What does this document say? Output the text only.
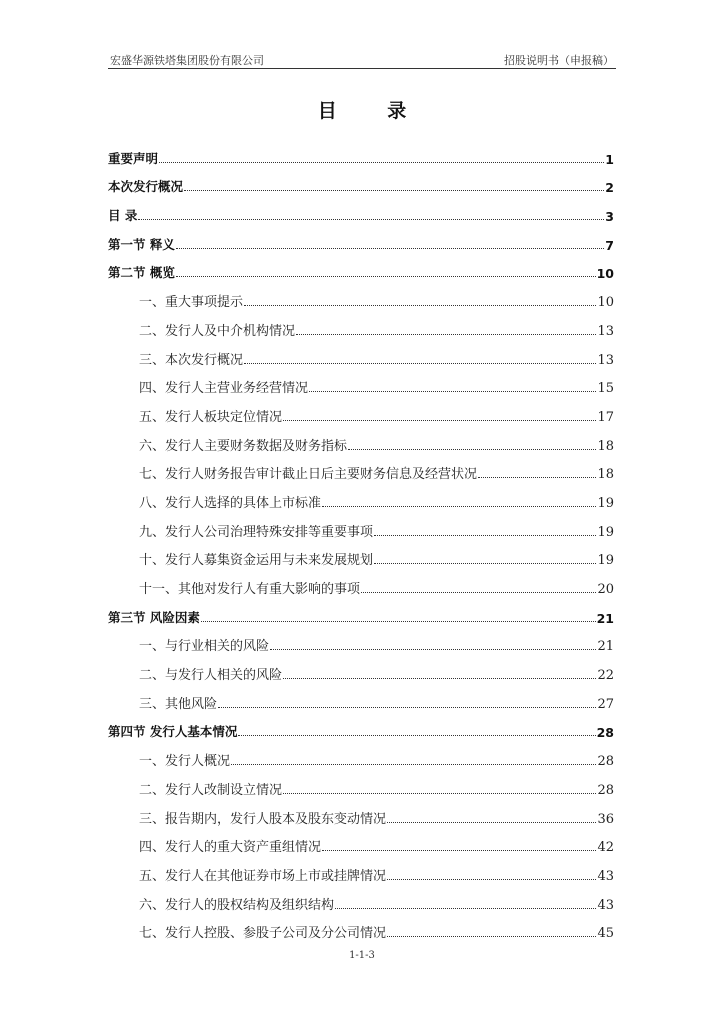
宏盛华源铁塔集团股份有限公司	招股说明书（申报稿）
目 录
重要声明	1
本次发行概况	2
目 录	3
第一节 释义	7
第二节 概览	10
一、重大事项提示	10
二、发行人及中介机构情况	13
三、本次发行概况	13
四、发行人主营业务经营情况	15
五、发行人板块定位情况	17
六、发行人主要财务数据及财务指标	18
七、发行人财务报告审计截止日后主要财务信息及经营状况	18
八、发行人选择的具体上市标准	19
九、发行人公司治理特殊安排等重要事项	19
十、发行人募集资金运用与未来发展规划	19
十一、其他对发行人有重大影响的事项	20
第三节 风险因素	21
一、与行业相关的风险	21
二、与发行人相关的风险	22
三、其他风险	27
第四节 发行人基本情况	28
一、发行人概况	28
二、发行人改制设立情况	28
三、报告期内，发行人股本及股东变动情况	36
四、发行人的重大资产重组情况	42
五、发行人在其他证券市场上市或挂牌情况	43
六、发行人的股权结构及组织结构	43
七、发行人控股、参股子公司及分公司情况	45
1-1-3
